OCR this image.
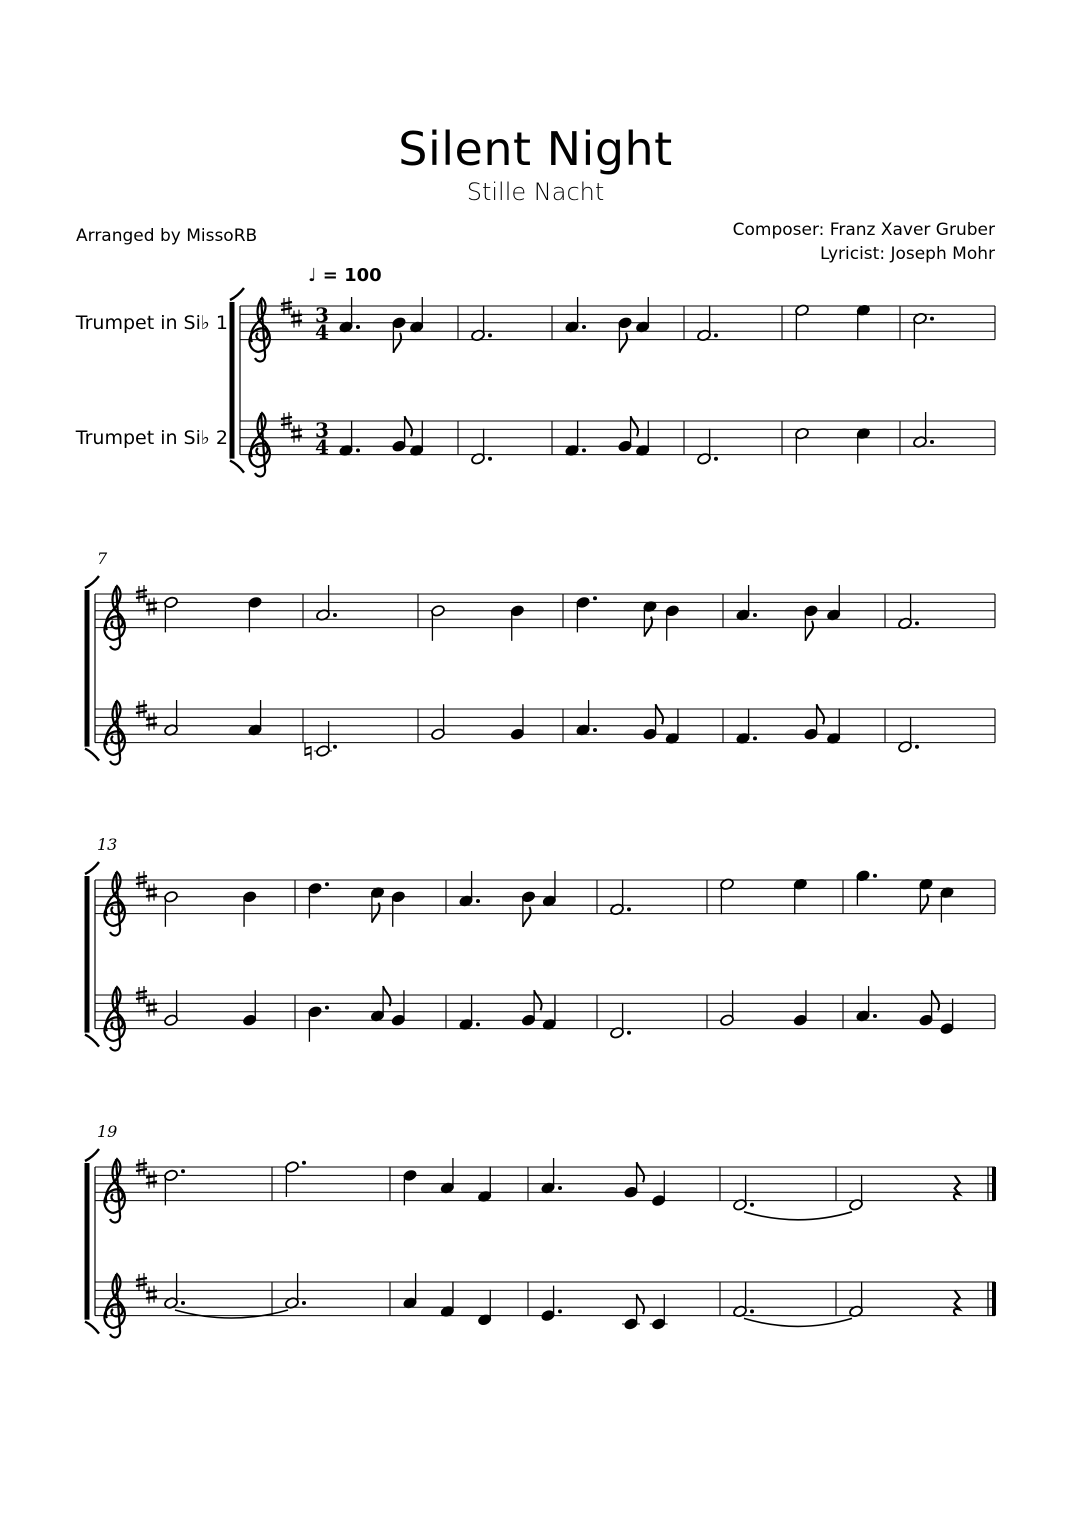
Silent Night
Stille Nacht
Arranged by MissoRB	Composer: Franz Xaver Gruber
Lyricist: Joseph Mohr
♩ = 100
3
4
3
4
7
13
19
Trumpet in Si♭ 1
Trumpet in Si♭ 2
